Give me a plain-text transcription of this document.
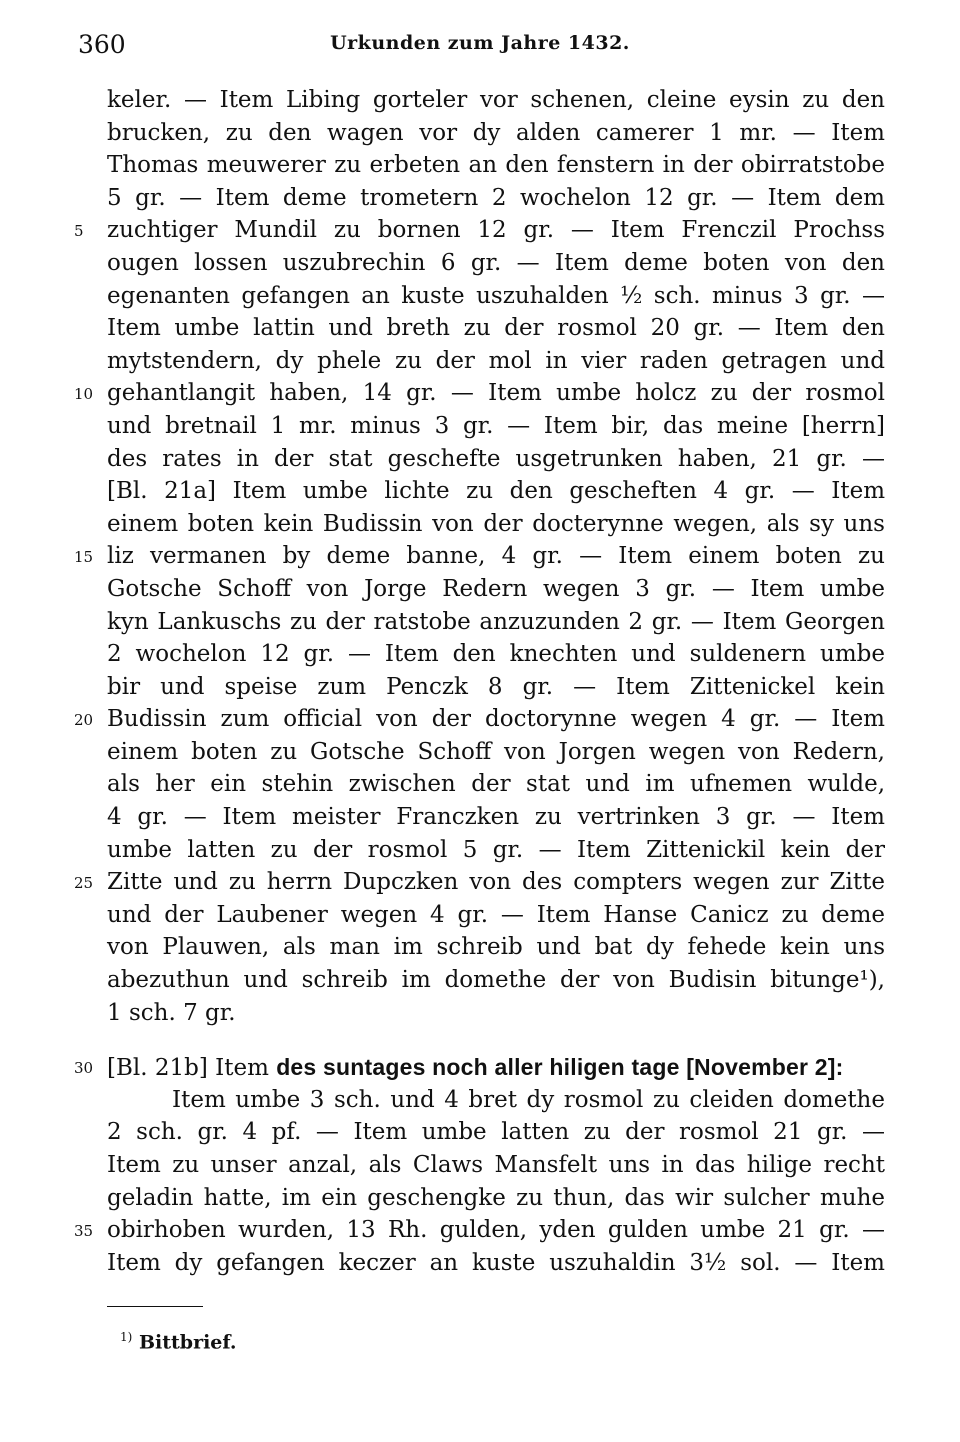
360	Urkunden zum Jahre 1432.
keler. — Item Libing gorteler vor schenen, cleine eysin zu den
brucken, zu den wagen vor dy alden camerer 1 mr. — Item
Thomas meuwerer zu erbeten an den fenstern in der obirratstobe
5 gr. — Item deme trometern 2 wochelon 12 gr. — Item dem
5	zuchtiger Mundil zu bornen 12 gr. — Item Frenczil Prochss
ougen lossen uszubrechin 6 gr. — Item deme boten von den
egenanten gefangen an kuste uszuhalden ½ sch. minus 3 gr. —
Item umbe lattin und breth zu der rosmol 20 gr. — Item den
mytstendern, dy phele zu der mol in vier raden getragen und
10 gehantlangit haben, 14 gr. — Item umbe holcz zu der rosmol
und bretnail 1 mr. minus 3 gr. — Item bir, das meine [herrn]
des rates in der stat geschefte usgetrunken haben, 21 gr. —
[Bl. 21a] Item umbe lichte zu den gescheften 4 gr. — Item
einem boten kein Budissin von der docterynne wegen, als sy uns
15 liz vermanen by deme banne, 4 gr. — Item einem boten zu
Gotsche Schoff von Jorge Redern wegen 3 gr. — Item umbe
kyn Lankuschs zu der ratstobe anzuzunden 2 gr. — Item Georgen
2 wochelon 12 gr. — Item den knechten und suldenern umbe
bir und speise zum Penczk 8 gr. — Item Zittenickel kein
20 Budissin zum official von der doctorynne wegen 4 gr. — Item
einem boten zu Gotsche Schoff von Jorgen wegen von Redern,
als her ein stehin zwischen der stat und im ufnemen wulde,
4 gr. — Item meister Franczken zu vertrinken 3 gr. — Item
umbe latten zu der rosmol 5 gr. — Item Zittenickil kein der
25 Zitte und zu herrn Dupczken von des compters wegen zur Zitte
und der Laubener wegen 4 gr. — Item Hanse Canicz zu deme
von Plauwen, als man im schreib und bat dy fehede kein uns
abezuthun und schreib im domethe der von Budisin bitunge¹),
1 sch. 7 gr.
30 [Bl. 21b] Item des suntages noch aller hiligen tage [November 2]:
Item umbe 3 sch. und 4 bret dy rosmol zu cleiden domethe
2 sch. gr. 4 pf. — Item umbe latten zu der rosmol 21 gr. —
Item zu unser anzal, als Claws Mansfelt uns in das hilige recht
geladin hatte, im ein geschengke zu thun, das wir sulcher muhe
35 obirhoben wurden, 13 Rh. gulden, yden gulden umbe 21 gr. —
Item dy gefangen keczer an kuste uszuhaldin 3½ sol. — Item
$^{1)}$ Bittbrief.
